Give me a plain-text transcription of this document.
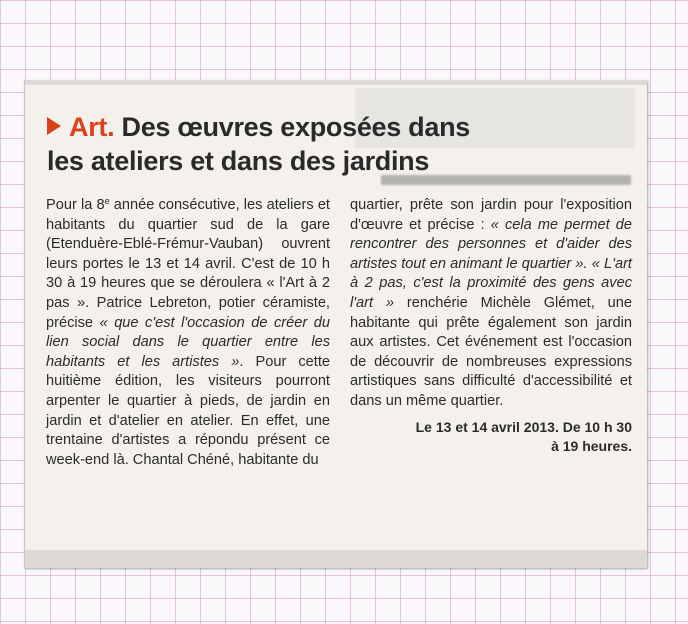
Art. Des œuvres exposées dans
les ateliers et dans des jardins

Pour la 8e année consécutive, les ateliers et habitants du quartier sud de la gare (Etenduère-Eblé-Frémur-Vauban) ouvrent leurs portes le 13 et 14 avril. C'est de 10 h 30 à 19 heures que se déroulera « l'Art à 2 pas ». Patrice Lebreton, potier céramiste, précise « que c'est l'occasion de créer du lien social dans le quartier entre les habitants et les artistes ». Pour cette huitième édition, les visiteurs pourront arpenter le quartier à pieds, de jardin en jardin et d'atelier en atelier. En effet, une trentaine d'artistes a répondu présent ce week-end là. Chantal Chéné, habitante du

quartier, prête son jardin pour l'exposition d'œuvre et précise : « cela me permet de rencontrer des personnes et d'aider des artistes tout en animant le quartier ». « L'art à 2 pas, c'est la proximité des gens avec l'art » renchérie Michèle Glémet, une habitante qui prête également son jardin aux artistes. Cet événement est l'occasion de découvrir de nombreuses expressions artistiques sans difficulté d'accessibilité et dans un même quartier.

Le 13 et 14 avril 2013. De 10 h 30
à 19 heures.
